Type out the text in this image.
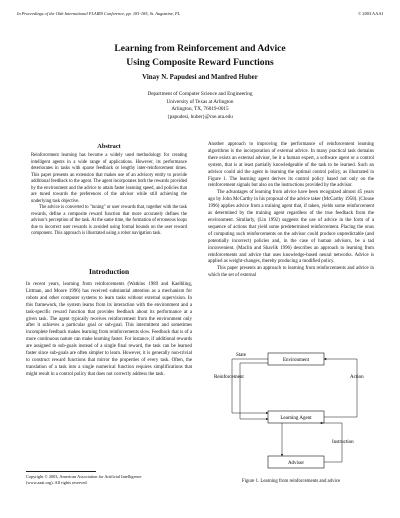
In Proceedings of the 16th International FLAIRS Conference, pp. 181-185, St. Augustine, FL	© 2003 AAAI
Learning from Reinforcement and Advice
Using Composite Reward Functions
Vinay N. Papudesi and Manfred Huber
Department of Computer Science and Engineering
University of Texas at Arlington
Arlington, TX, 76019-0015
{papudesi, huber}@cse.uta.edu
Abstract

Reinforcement learning has become a widely used methodology for creating intelligent agents in a wide range of applications. However, its performance deteriorates in tasks with sparse feedback or lengthy inter-reinforcement times. This paper presents an extension that makes use of an advisory entity to provide additional feedback to the agent. The agent incorporates both the rewards provided by the environment and the advice to attain faster learning speed, and policies that are tuned towards the preferences of the advisor while still achieving the underlying task objective.

The advice is converted to "tuning" or user rewards that, together with the task rewards, define a composite reward function that more accurately defines the advisor's perception of the task. At the same time, the formation of erroneous loops due to incorrect user rewards is avoided using formal bounds on the user reward component. This approach is illustrated using a robot navigation task.

Introduction

In recent years, learning from reinforcements (Watkins 1989 and Kaelbling, Littman, and Moore 1996) has received substantial attention as a mechanism for robots and other computer systems to learn tasks without external supervision. In this framework, the system learns from its interaction with the environment and a task-specific reward function that provides feedback about its performance at a given task. The agent typically receives reinforcement from the environment only after it achieves a particular goal or sub-goal. This intermittent and sometimes incomplete feedback makes learning from reinforcements slow. Feedback that is of a more continuous nature can make learning faster. For instance, if additional rewards are assigned to sub-goals instead of a single final reward, the task can be learned faster since sub-goals are often simpler to learn. However, it is generally non-trivial to construct reward functions that mirror the properties of every task. Often, the translation of a task into a single numerical function requires simplifications that might result in a control policy that does not correctly address the task.

Copyright © 2003, American Association for Artificial Intelligence
(www.aaai.org). All rights reserved.

Another approach to improving the performance of reinforcement learning algorithms is the incorporation of external advice. In many practical task domains there exists an external advisor, be it a human expert, a software agent or a control system, that is at least partially knowledgeable of the task to be learned. Such an advisor could aid the agent in learning the optimal control policy, as illustrated in Figure 1. The learning agent derives its control policy based not only on the reinforcement signals but also on the instructions provided by the advisor.

The advantages of learning from advice have been recognized almost 45 years ago by John McCarthy in his proposal of the advice taker (McCarthy 1958). (Clouse 1996) applies advice from a training agent that, if taken, yields some reinforcement as determined by the training agent regardless of the true feedback from the environment. Similarly, (Lin 1992) suggests the use of advice in the form of a sequence of actions that yield some predetermined reinforcement. Placing the onus of computing such reinforcements on the advisor could produce unpredictable (and potentially incorrect) policies and, in the case of human advisors, be a tad inconvenient. (Maclin and Shavlik 1996) describes an approach to learning from reinforcements and advice that uses knowledge-based neural networks. Advice is applied as weight-changes, thereby producing a modified policy.

This paper presents an approach to learning from reinforcements and advice in which the set of external

Environment
Learning Agent
Advisor
State
Reinforcement	Action
Instruction
Figure 1. Learning from reinforcements and advice
